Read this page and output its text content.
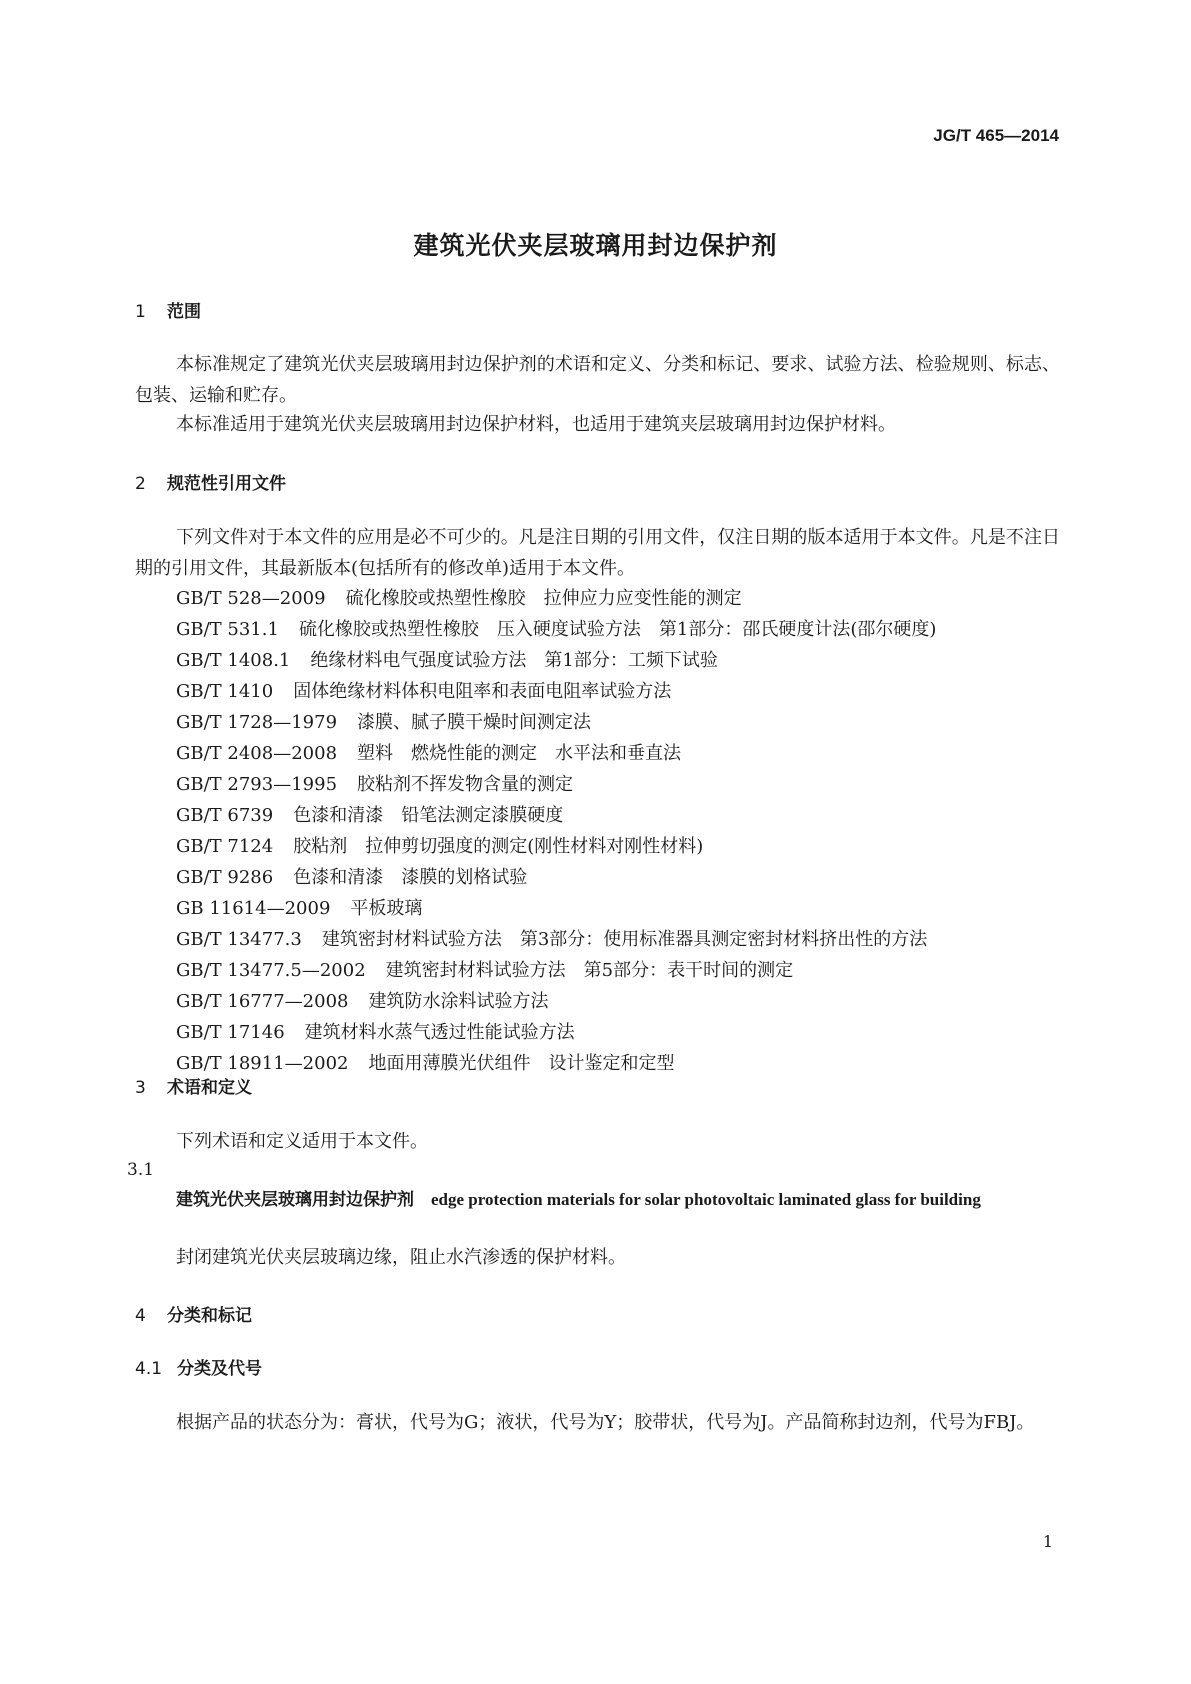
JG/T 465—2014
建筑光伏夹层玻璃用封边保护剂
1 范围
本标准规定了建筑光伏夹层玻璃用封边保护剂的术语和定义、分类和标记、要求、试验方法、检验规则、标志、包装、运输和贮存。
本标准适用于建筑光伏夹层玻璃用封边保护材料，也适用于建筑夹层玻璃用封边保护材料。
2 规范性引用文件
下列文件对于本文件的应用是必不可少的。凡是注日期的引用文件，仅注日期的版本适用于本文件。凡是不注日期的引用文件，其最新版本(包括所有的修改单)适用于本文件。
GB/T 528—2009 硫化橡胶或热塑性橡胶　拉伸应力应变性能的测定
GB/T 531.1 硫化橡胶或热塑性橡胶　压入硬度试验方法　第1部分：邵氏硬度计法(邵尔硬度)
GB/T 1408.1 绝缘材料电气强度试验方法　第1部分：工频下试验
GB/T 1410 固体绝缘材料体积电阻率和表面电阻率试验方法
GB/T 1728—1979 漆膜、腻子膜干燥时间测定法
GB/T 2408—2008 塑料　燃烧性能的测定　水平法和垂直法
GB/T 2793—1995 胶粘剂不挥发物含量的测定
GB/T 6739 色漆和清漆　铅笔法测定漆膜硬度
GB/T 7124 胶粘剂　拉伸剪切强度的测定(刚性材料对刚性材料)
GB/T 9286 色漆和清漆　漆膜的划格试验
GB 11614—2009 平板玻璃
GB/T 13477.3 建筑密封材料试验方法　第3部分：使用标准器具测定密封材料挤出性的方法
GB/T 13477.5—2002 建筑密封材料试验方法　第5部分：表干时间的测定
GB/T 16777—2008 建筑防水涂料试验方法
GB/T 17146 建筑材料水蒸气透过性能试验方法
GB/T 18911—2002 地面用薄膜光伏组件　设计鉴定和定型
3 术语和定义
下列术语和定义适用于本文件。
3.1
建筑光伏夹层玻璃用封边保护剂　 edge protection materials for solar photovoltaic laminated glass for building
封闭建筑光伏夹层玻璃边缘，阻止水汽渗透的保护材料。
4 分类和标记
4.1 分类及代号
根据产品的状态分为：膏状，代号为G；液状，代号为Y；胶带状，代号为J。产品简称封边剂，代号为FBJ。
1
